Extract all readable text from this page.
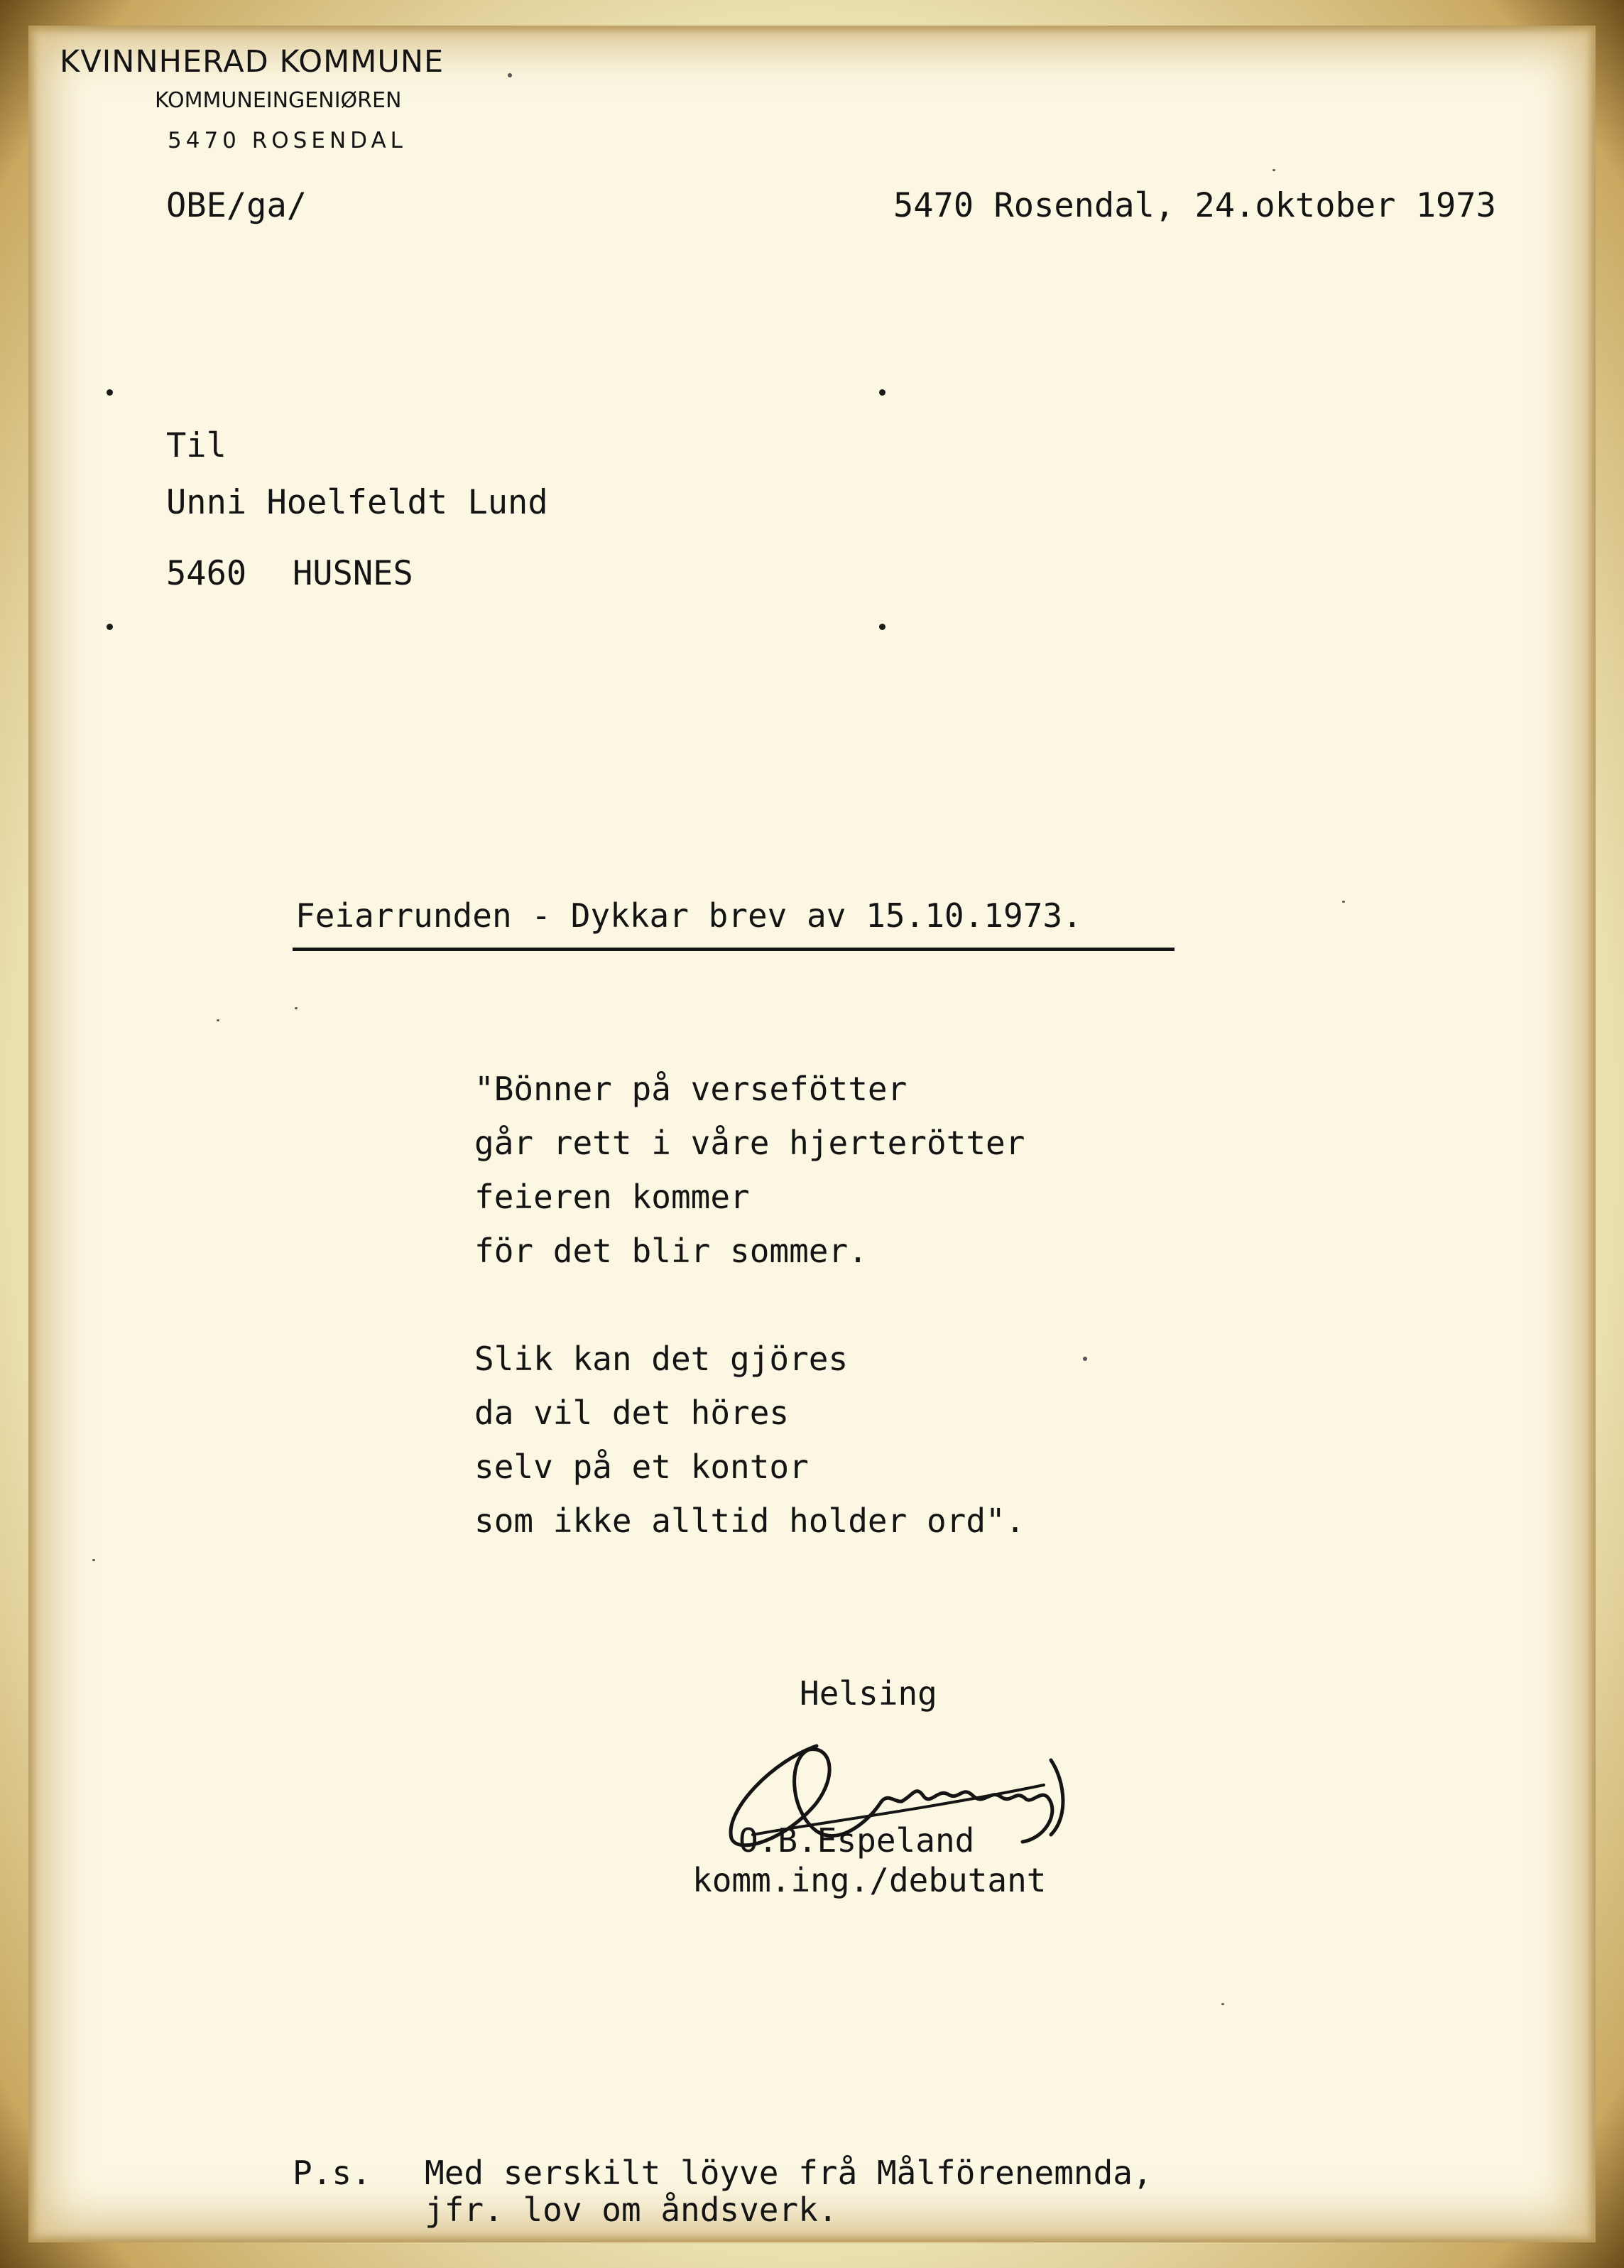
KVINNHERAD KOMMUNE
KOMMUNEINGENIØREN
5470 ROSENDAL
OBE/ga/	5470 Rosendal, 24.oktober 1973
Til
Unni Hoelfeldt Lund
5460 HUSNES
Feiarrunden - Dykkar brev av 15.10.1973.
"Bönner på versefötter
går rett i våre hjerterötter
feieren kommer
för det blir sommer.
Slik kan det gjöres
da vil det höres
selv på et kontor
som ikke alltid holder ord".
Helsing
O.B.Espeland
komm.ing./debutant
P.s. Med serskilt löyve frå Målförenemnda,
jfr. lov om åndsverk.
